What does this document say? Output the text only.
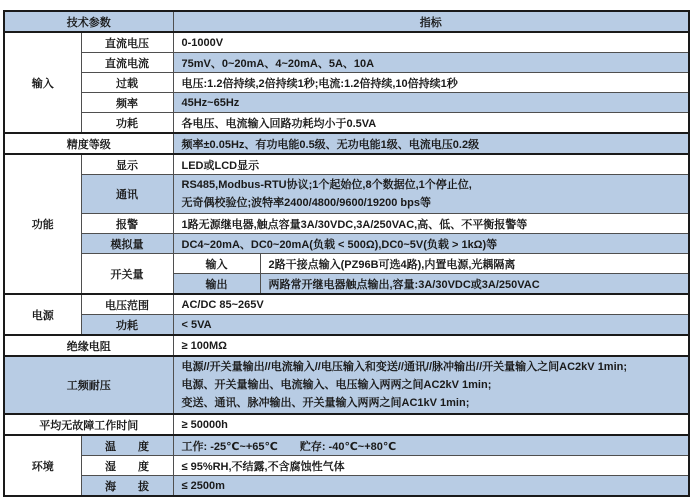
技术参数		指标	
输入	直流电压	0-1000V	
	直流电流	75mV、0~20mA、4~20mA、5A、10A	
	过载	电压:1.2倍持续,2倍持续1秒;电流:1.2倍持续,10倍持续1秒	
	频率	45Hz~65Hz	
	功耗	各电压、电流输入回路功耗均小于0.5VA	
精度等级		频率±0.05Hz、有功电能0.5级、无功电能1级、电流电压0.2级	
功能	显示	LED或LCD显示	
	通讯	RS485,Modbus-RTU协议;1个起始位,8个数据位,1个停止位,
无奇偶校验位;波特率2400/4800/9600/19200 bps等	

	报警	1路无源继电器,触点容量3A/30VDC,3A/250VAC,高、低、不平衡报警等	
	模拟量	DC4~20mA、DC0~20mA(负载 < 500Ω),DC0~5V(负载 > 1kΩ)等	
	开关量	输入	2路干接点输入(PZ96B可选4路),内置电源,光耦隔离
		输出	两路常开继电器触点输出,容量:3A/30VDC或3A/250VAC
电源	电压范围	AC/DC 85~265V	
	功耗	< 5VA	
绝缘电阻		≥ 100MΩ	
工频耐压		电源//开关量输出//电流输入//电压输入和变送//通讯//脉冲输出//开关量输入之间AC2kV 1min;
电源、开关量输出、电流输入、电压输入两两之间AC2kV 1min;
变送、通讯、脉冲输出、开关量输入两两之间AC1kV 1min;	

平均无故障工作时间		≥ 50000h	
环境	温　　度	工作: -25℃~+65℃　　贮存: -40℃~+80℃	
	湿　　度	≤ 95%RH,不结露,不含腐蚀性气体	
	海　　拔	≤ 2500m	
